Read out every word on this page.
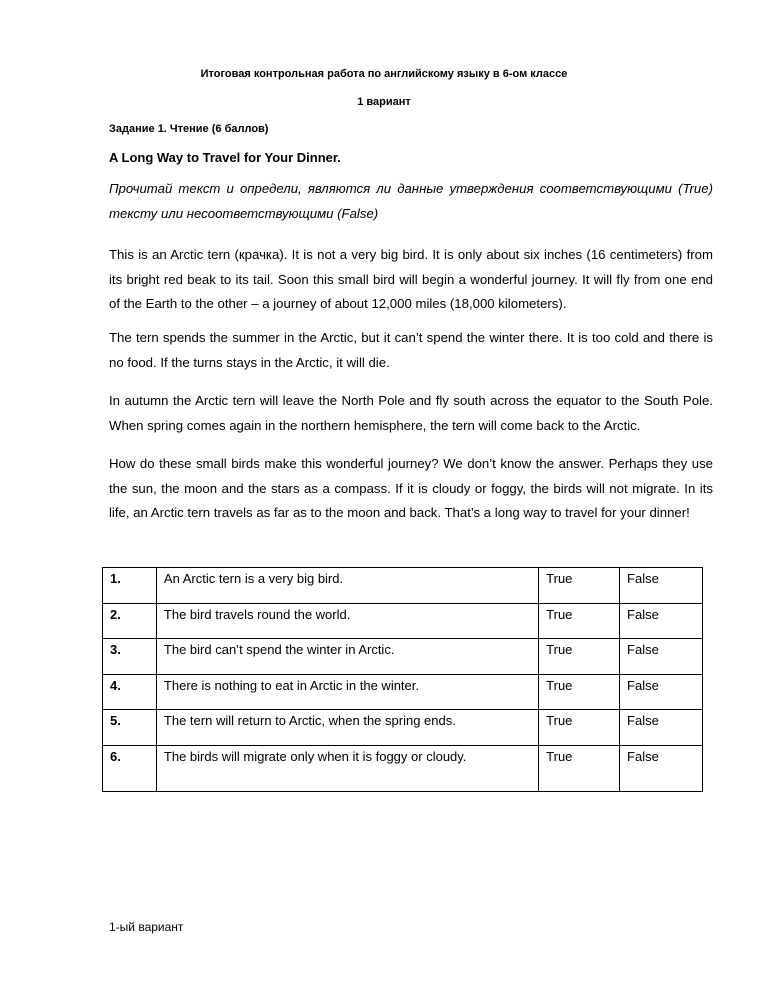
Итоговая контрольная работа по английскому языку в 6-ом классе
1 вариант
Задание 1. Чтение (6 баллов)
A Long Way to Travel for Your Dinner.

Прочитай текст и определи, являются ли данные утверждения соответствующими (True) тексту или несоответствующими (False)

This is an Arctic tern (крачка). It is not a very big bird. It is only about six inches (16 centimeters) from its bright red beak to its tail. Soon this small bird will begin a wonderful journey. It will fly from one end of the Earth to the other – a journey of about 12,000 miles (18,000 kilometers).

The tern spends the summer in the Arctic, but it can’t spend the winter there. It is too cold and there is no food. If the turns stays in the Arctic, it will die.

In autumn the Arctic tern will leave the North Pole and fly south across the equator to the South Pole. When spring comes again in the northern hemisphere, the tern will come back to the Arctic.

How do these small birds make this wonderful journey? We don’t know the answer. Perhaps they use the sun, the moon and the stars as a compass. If it is cloudy or foggy, the birds will not migrate. In its life, an Arctic tern travels as far as to the moon and back. That’s a long way to travel for your dinner!

1.	An Arctic tern is a very big bird.	True	False
2.	The bird travels round the world.	True	False
3.	The bird can’t spend the winter in Arctic.	True	False
4.	There is nothing to eat in Arctic in the winter.	True	False
5.	The tern will return to Arctic, when the spring ends.	True	False
6.	The birds will migrate only when it is foggy or cloudy.	True	False
1-ый вариант
